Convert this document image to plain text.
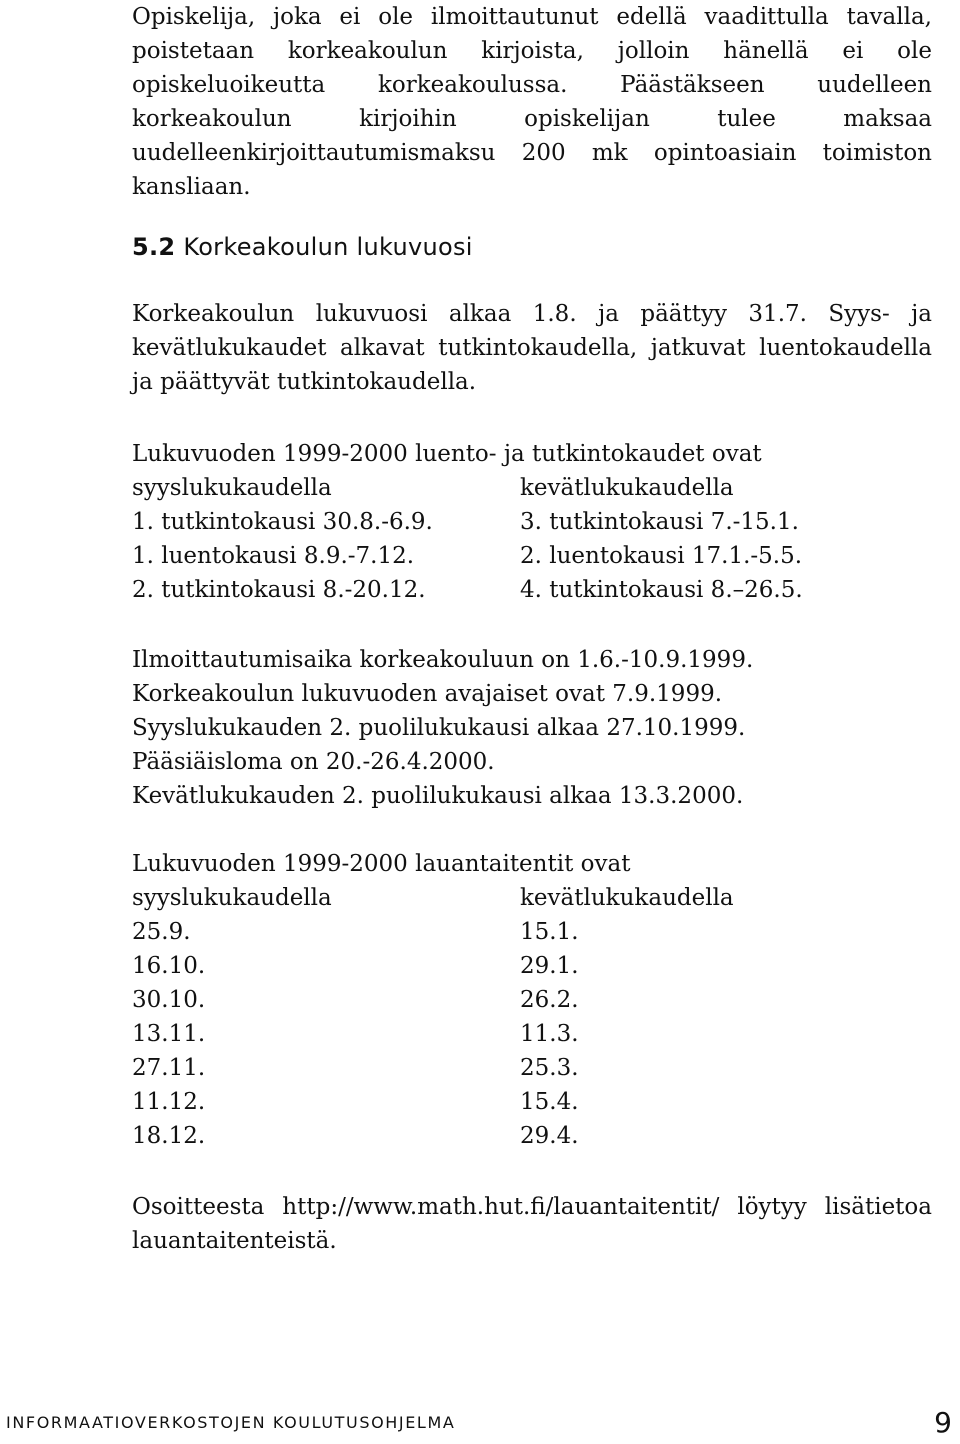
Opiskelija, joka ei ole ilmoittautunut edellä vaadittulla tavalla, poistetaan korkeakoulun kirjoista, jolloin hänellä ei ole opiskeluoikeutta korkeakoulussa. Päästäkseen uudelleen korkeakoulun kirjoihin opiskelijan tulee maksaa uudelleenkirjoittautumismaksu 200 mk opintoasiain toimiston kansliaan.

5.2 Korkeakoulun lukuvuosi

Korkeakoulun lukuvuosi alkaa 1.8. ja päättyy 31.7. Syys- ja kevätlukukaudet alkavat tutkintokaudella, jatkuvat luentokaudella ja päättyvät tutkintokaudella.

Lukuvuoden 1999-2000 luento- ja tutkintokaudet ovat
syyslukukaudella	kevätlukukaudella
1. tutkintokausi 30.8.-6.9.	3. tutkintokausi 7.-15.1.
1. luentokausi 8.9.-7.12.	2. luentokausi 17.1.-5.5.
2. tutkintokausi 8.-20.12.	4. tutkintokausi 8.–26.5.
Ilmoittautumisaika korkeakouluun on 1.6.-10.9.1999.
Korkeakoulun lukuvuoden avajaiset ovat 7.9.1999.
Syyslukukauden 2. puolilukukausi alkaa 27.10.1999.
Pääsiäisloma on 20.-26.4.2000.
Kevätlukukauden 2. puolilukukausi alkaa 13.3.2000.
Lukuvuoden 1999-2000 lauantaitentit ovat
syyslukukaudella	kevätlukukaudella
25.9.	15.1.
16.10.	29.1.
30.10.	26.2.
13.11.	11.3.
27.11.	25.3.
11.12.	15.4.
18.12.	29.4.

Osoitteesta http://www.math.hut.fi/lauantaitentit/ löytyy lisätietoa lauantaitenteistä.

INFORMAATIOVERKOSTOJEN KOULUTUSOHJELMA	9
